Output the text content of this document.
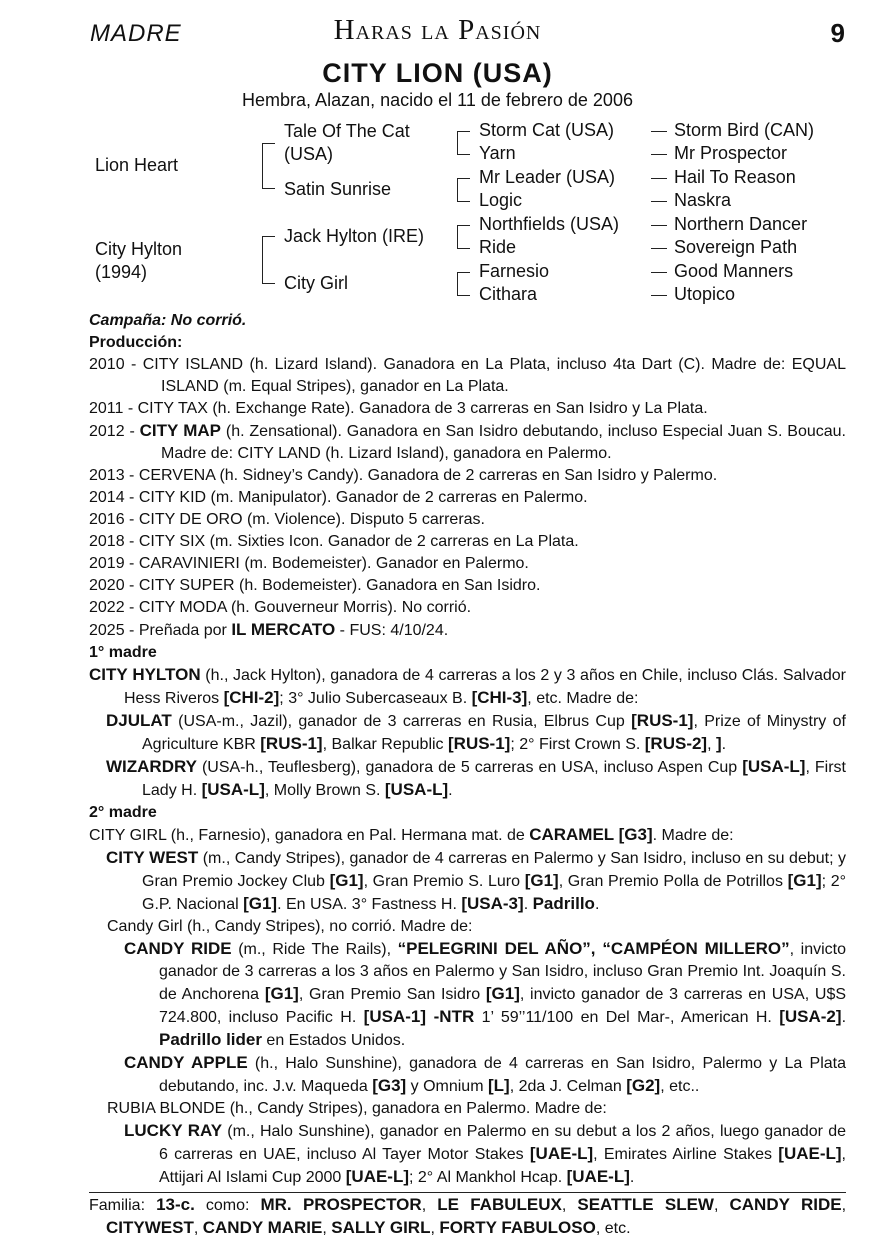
MADRE	Haras la Pasión	9
CITY LION (USA)
Hembra, Alazan, nacido el 11 de febrero de 2006
Lion Heart
City Hylton
(1994)
Tale Of The Cat
(USA)
Satin Sunrise
Jack Hylton (IRE)
City Girl
Storm Cat (USA)
Yarn
Mr Leader (USA)
Logic
Northfields (USA)
Ride
Farnesio
Cithara
Storm Bird (CAN)
Mr Prospector
Hail To Reason
Naskra
Northern Dancer
Sovereign Path
Good Manners
Utopico

Campaña: No corrió.

Producción:

2010 - CITY ISLAND (h. Lizard Island). Ganadora en La Plata, incluso 4ta Dart (C). Madre de: EQUAL ISLAND (m. Equal Stripes), ganador en La Plata.

2011 - CITY TAX (h. Exchange Rate). Ganadora de 3 carreras en San Isidro y La Plata.

2012 - CITY MAP (h. Zensational). Ganadora en San Isidro debutando, incluso Especial Juan S. Boucau. Madre de: CITY LAND (h. Lizard Island), ganadora en Palermo.

2013 - CERVENA (h. Sidney’s Candy). Ganadora de 2 carreras en San Isidro y Palermo.

2014 - CITY KID (m. Manipulator). Ganador de 2 carreras en Palermo.

2016 - CITY DE ORO (m. Violence). Disputo 5 carreras.

2018 - CITY SIX (m. Sixties Icon. Ganador de 2 carreras en La Plata.

2019 - CARAVINIERI (m. Bodemeister). Ganador en Palermo.

2020 - CITY SUPER (h. Bodemeister). Ganadora en San Isidro.

2022 - CITY MODA (h. Gouverneur Morris). No corrió.

2025 - Preñada por IL MERCATO - FUS: 4/10/24.

1° madre

CITY HYLTON (h., Jack Hylton), ganadora de 4 carreras a los 2 y 3 años en Chile, incluso Clás. Salvador Hess Riveros [CHI-2]; 3° Julio Subercaseaux B. [CHI-3], etc. Madre de:

DJULAT (USA-m., Jazil), ganador de 3 carreras en Rusia, Elbrus Cup [RUS-1], Prize of Minystry of Agriculture KBR [RUS-1], Balkar Republic [RUS-1]; 2° First Crown S. [RUS-2], ].

WIZARDRY (USA-h., Teuflesberg), ganadora de 5 carreras en USA, incluso Aspen Cup [USA-L], First Lady H. [USA-L], Molly Brown S. [USA-L].

2° madre

CITY GIRL (h., Farnesio), ganadora en Pal. Hermana mat. de CARAMEL [G3]. Madre de:

CITY WEST (m., Candy Stripes), ganador de 4 carreras en Palermo y San Isidro, incluso en su debut; y Gran Premio Jockey Club [G1], Gran Premio S. Luro [G1], Gran Premio Polla de Potrillos [G1]; 2° G.P. Nacional [G1]. En USA. 3° Fastness H. [USA-3]. Padrillo.

Candy Girl (h., Candy Stripes), no corrió. Madre de:

CANDY RIDE (m., Ride The Rails), “PELEGRINI DEL AÑO”, “CAMPÉON MILLERO”, invicto ganador de 3 carreras a los 3 años en Palermo y San Isidro, incluso Gran Premio Int. Joaquín S. de Anchorena [G1], Gran Premio San Isidro [G1], invicto ganador de 3 carreras en USA, U$S 724.800, incluso Pacific H. [USA-1] -NTR 1’ 59’’11/100 en Del Mar-, American H. [USA-2]. Padrillo lider en Estados Unidos.

CANDY APPLE (h., Halo Sunshine), ganadora de 4 carreras en San Isidro, Palermo y La Plata debutando, inc. J.v. Maqueda [G3] y Omnium [L], 2da J. Celman [G2], etc..

RUBIA BLONDE (h., Candy Stripes), ganadora en Palermo. Madre de:

LUCKY RAY (m., Halo Sunshine), ganador en Palermo en su debut a los 2 años, luego ganador de 6 carreras en UAE, incluso Al Tayer Motor Stakes [UAE-L], Emirates Airline Stakes [UAE-L], Attijari Al Islami Cup 2000 [UAE-L]; 2° Al Mankhol Hcap. [UAE-L].

Familia: 13-c. como: MR. PROSPECTOR, LE FABULEUX, SEATTLE SLEW, CANDY RIDE, CITYWEST, CANDY MARIE, SALLY GIRL, FORTY FABULOSO, etc.
